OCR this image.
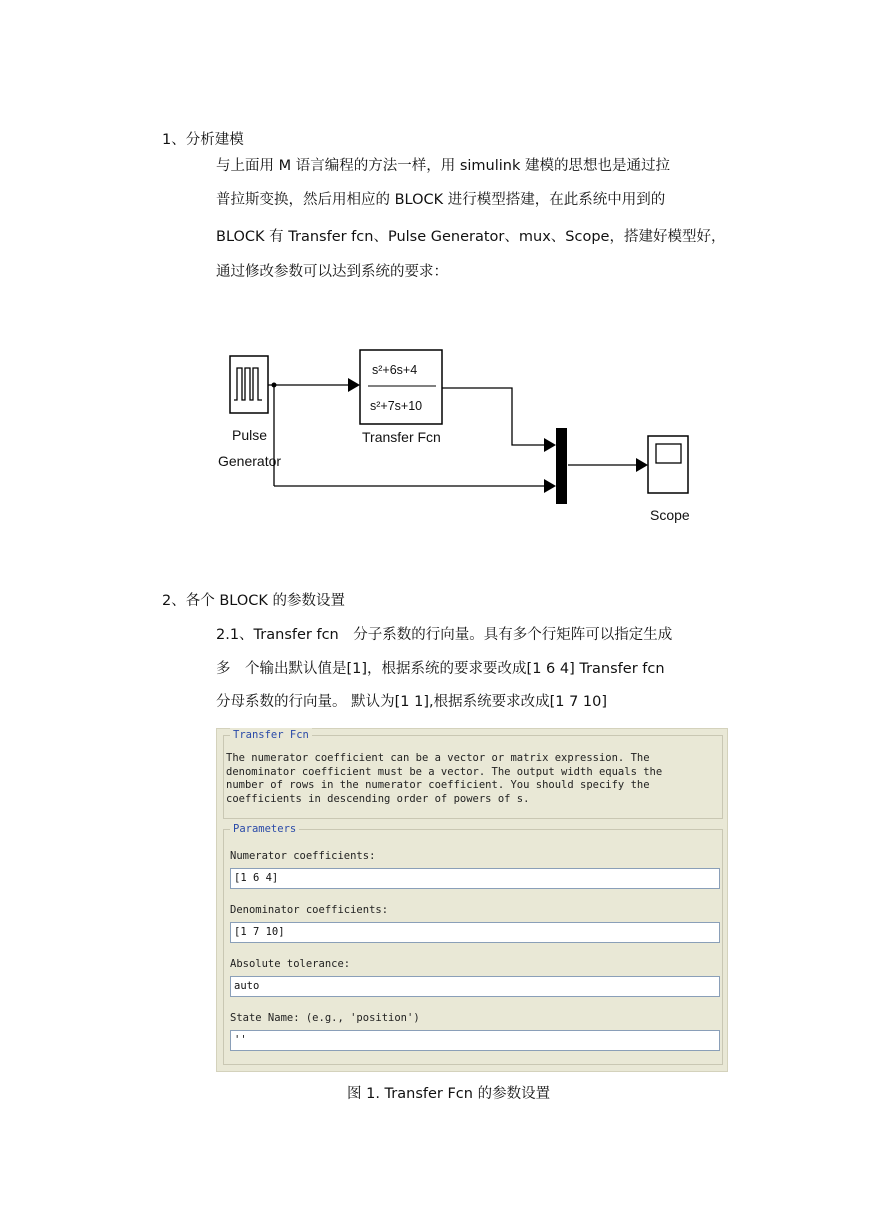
1、分析建模
与上面用 M 语言编程的方法一样，用 simulink 建模的思想也是通过拉
普拉斯变换，然后用相应的 BLOCK 进行模型搭建，在此系统中用到的
BLOCK 有 Transfer fcn、Pulse Generator、mux、Scope，搭建好模型好，
通过修改参数可以达到系统的要求：
Pulse
Generator
s²+6s+4
s²+7s+10
Transfer Fcn
Scope
2、各个 BLOCK 的参数设置
2.1、Transfer fcn　分子系数的行向量。具有多个行矩阵可以指定生成
多　个输出默认值是[1]，根据系统的要求要改成[1 6 4] Transfer fcn
分母系数的行向量。 默认为[1 1],根据系统要求改成[1 7 10]
Transfer Fcn
The numerator coefficient can be a vector or matrix expression. The
denominator coefficient must be a vector. The output width equals the
number of rows in the numerator coefficient. You should specify the
coefficients in descending order of powers of s.
Parameters
Numerator coefficients:
[1 6 4]
Denominator coefficients:
[1 7 10]
Absolute tolerance:
auto
State Name: (e.g., 'position')
''
图 1. Transfer Fcn 的参数设置
